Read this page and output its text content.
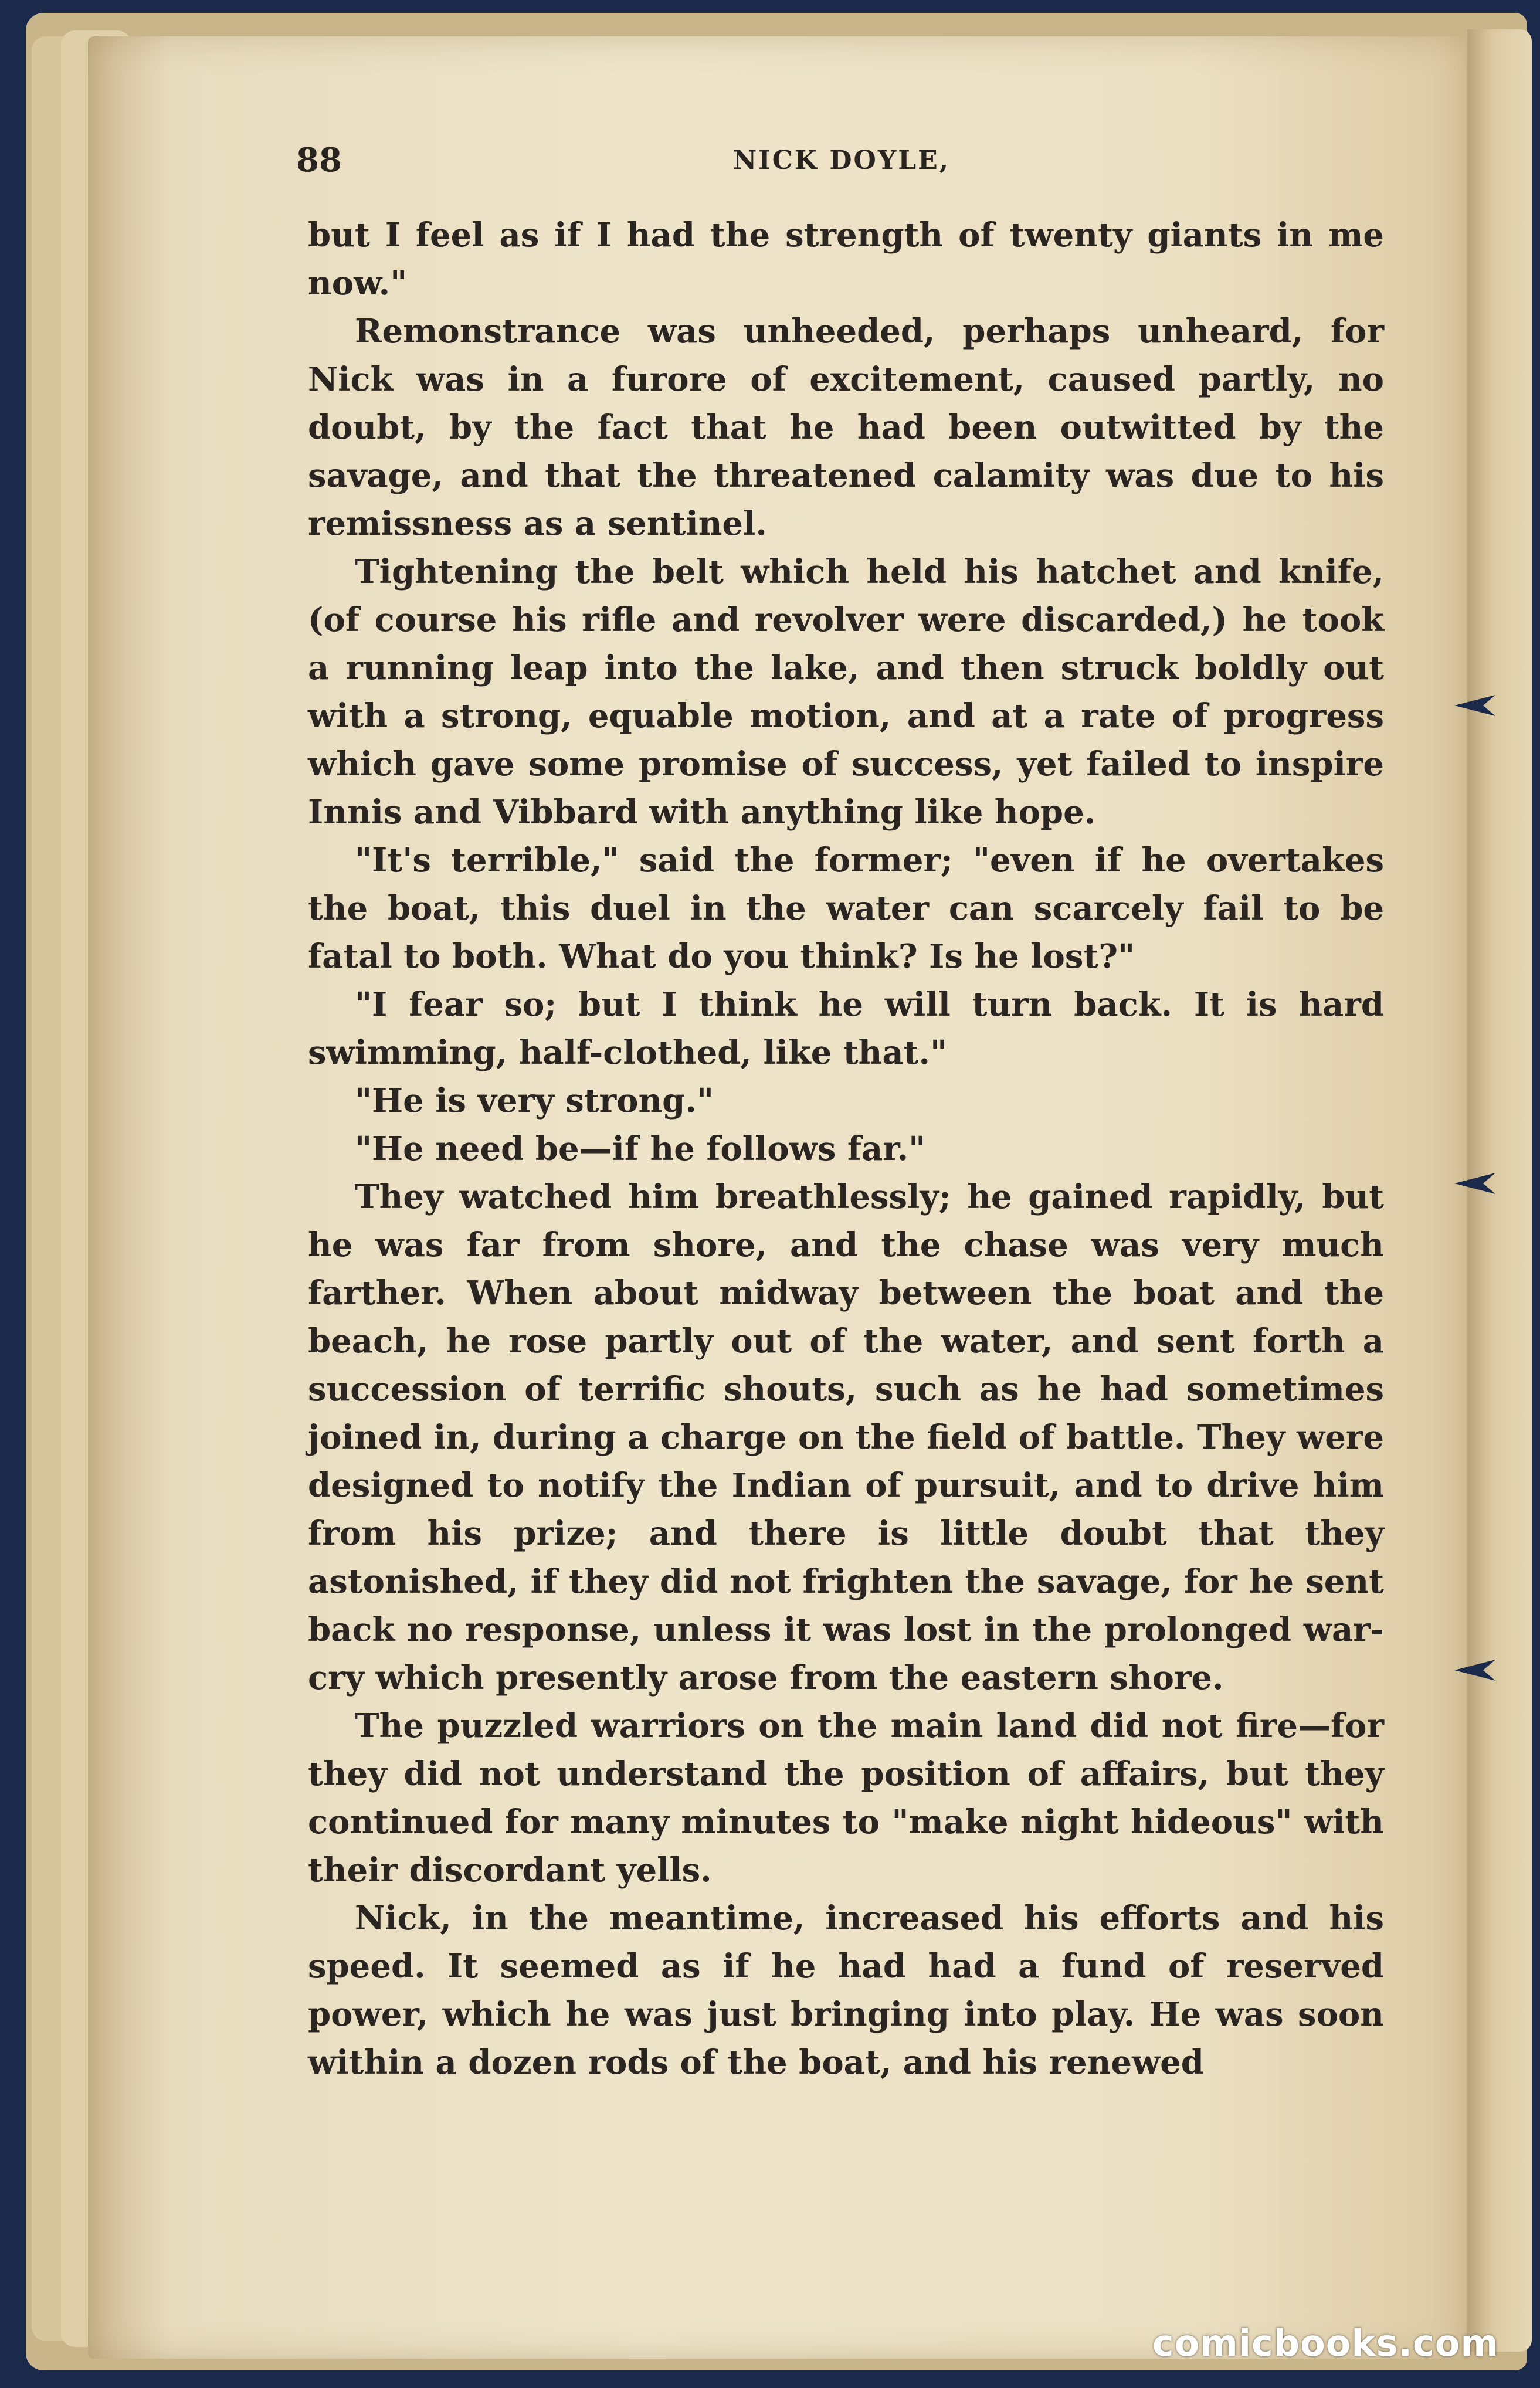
88	NICK DOYLE,

but I feel as if I had the strength of twenty giants in me now."

Remonstrance was unheeded, perhaps unheard, for Nick was in a furore of excitement, caused partly, no doubt, by the fact that he had been outwitted by the savage, and that the threatened calamity was due to his remissness as a sentinel.

Tightening the belt which held his hatchet and knife, (of course his rifle and revolver were discarded,) he took a running leap into the lake, and then struck boldly out with a strong, equable motion, and at a rate of progress which gave some promise of success, yet failed to inspire Innis and Vibbard with anything like hope.

"It's terrible," said the former; "even if he overtakes the boat, this duel in the water can scarcely fail to be fatal to both. What do you think? Is he lost?"

"I fear so; but I think he will turn back. It is hard swimming, half-clothed, like that."

"He is very strong."

"He need be—if he follows far."

They watched him breathlessly; he gained rapidly, but he was far from shore, and the chase was very much farther. When about midway between the boat and the beach, he rose partly out of the water, and sent forth a succession of terrific shouts, such as he had sometimes joined in, during a charge on the field of battle. They were designed to notify the Indian of pursuit, and to drive him from his prize; and there is little doubt that they astonished, if they did not frighten the savage, for he sent back no response, unless it was lost in the prolonged war-cry which presently arose from the eastern shore.

The puzzled warriors on the main land did not fire—for they did not understand the position of affairs, but they continued for many minutes to "make night hideous" with their discordant yells.

Nick, in the meantime, increased his efforts and his speed. It seemed as if he had had a fund of reserved power, which he was just bringing into play. He was soon within a dozen rods of the boat, and his renewed

comicbooks.com
